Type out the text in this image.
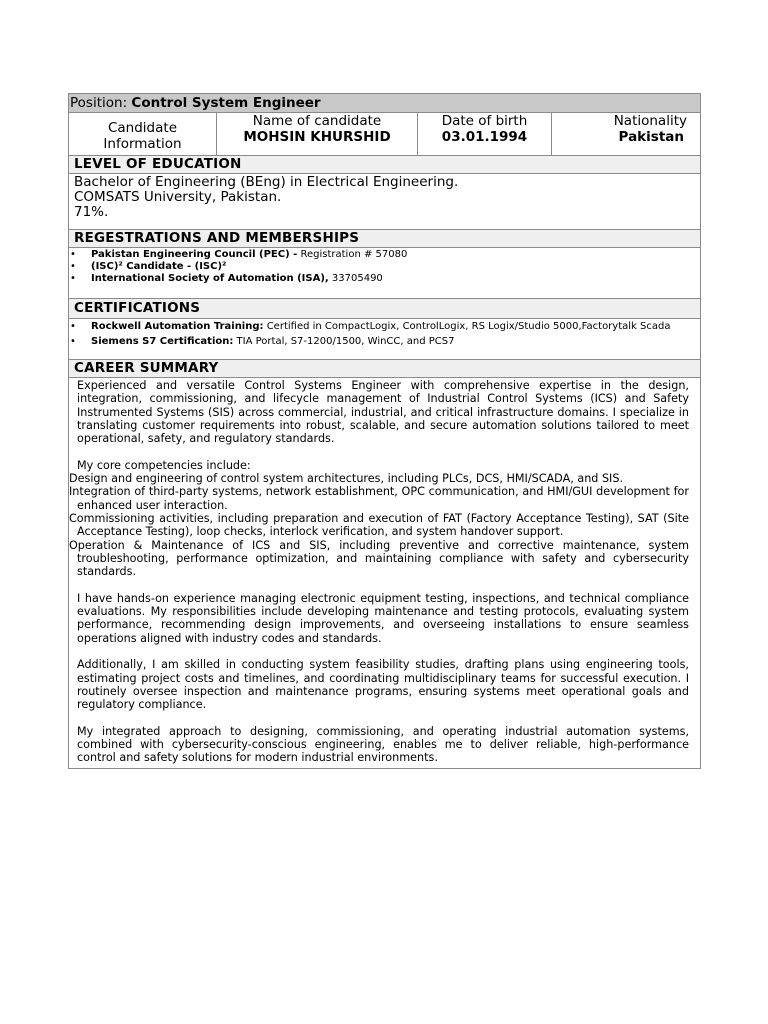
Position: Control System Engineer
Candidate
Information
Name of candidate
MOHSIN KHURSHID
Date of birth
03.01.1994
Nationality
Pakistan
LEVEL OF EDUCATION
Bachelor of Engineering (BEng) in Electrical Engineering.
COMSATS University, Pakistan.
71%.
REGESTRATIONS AND MEMBERSHIPS
• Pakistan Engineering Council (PEC) - Registration # 57080
• (ISC)² Candidate - (ISC)²
• International Society of Automation (ISA), 33705490
CERTIFICATIONS
• Rockwell Automation Training: Certified in CompactLogix, ControlLogix, RS Logix/Studio 5000,Factorytalk Scada
• Siemens S7 Certification: TIA Portal, S7-1200/1500, WinCC, and PCS7
CAREER SUMMARY

Experienced and versatile Control Systems Engineer with comprehensive expertise in the design, integration, commissioning, and lifecycle management of Industrial Control Systems (ICS) and Safety Instrumented Systems (SIS) across commercial, industrial, and critical infrastructure domains. I specialize in translating customer requirements into robust, scalable, and secure automation solutions tailored to meet operational, safety, and regulatory standards.

My core competencies include:

Design and engineering of control system architectures, including PLCs, DCS, HMI/SCADA, and SIS.

Integration of third-party systems, network establishment, OPC communication, and HMI/GUI development for enhanced user interaction.

Commissioning activities, including preparation and execution of FAT (Factory Acceptance Testing), SAT (Site Acceptance Testing), loop checks, interlock verification, and system handover support.

Operation & Maintenance of ICS and SIS, including preventive and corrective maintenance, system troubleshooting, performance optimization, and maintaining compliance with safety and cybersecurity standards.

I have hands-on experience managing electronic equipment testing, inspections, and technical compliance evaluations. My responsibilities include developing maintenance and testing protocols, evaluating system performance, recommending design improvements, and overseeing installations to ensure seamless operations aligned with industry codes and standards.

Additionally, I am skilled in conducting system feasibility studies, drafting plans using engineering tools, estimating project costs and timelines, and coordinating multidisciplinary teams for successful execution. I routinely oversee inspection and maintenance programs, ensuring systems meet operational goals and regulatory compliance.

My integrated approach to designing, commissioning, and operating industrial automation systems, combined with cybersecurity-conscious engineering, enables me to deliver reliable, high-performance control and safety solutions for modern industrial environments.
